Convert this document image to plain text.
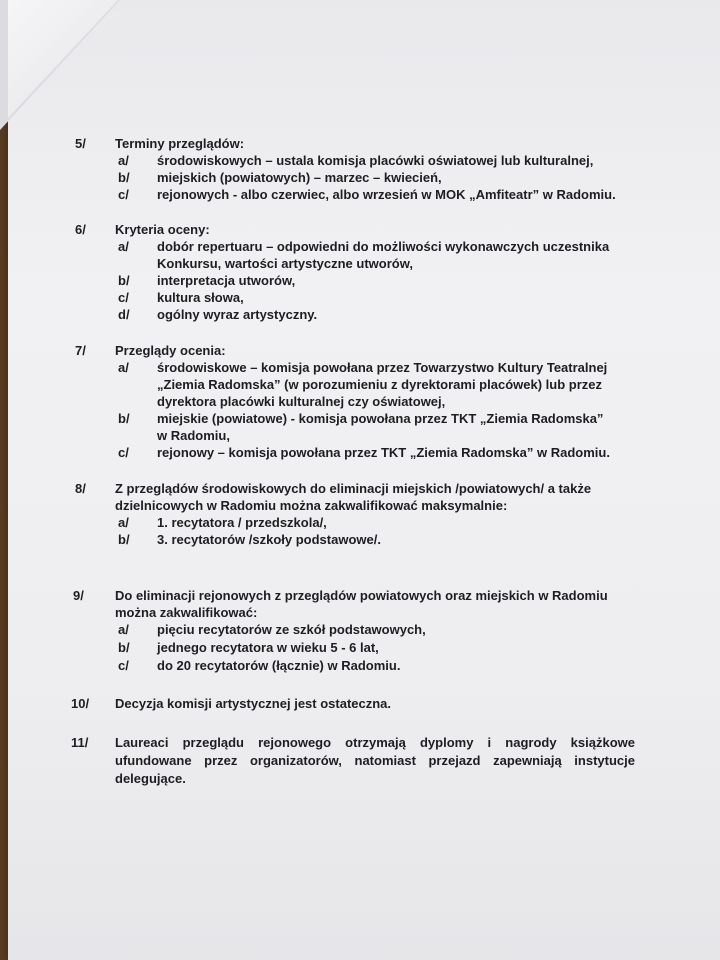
5/ Terminy przeglądów:
a/ środowiskowych – ustala komisja placówki oświatowej lub kulturalnej,
b/ miejskich (powiatowych) – marzec – kwiecień,
c/ rejonowych - albo czerwiec, albo wrzesień w MOK „Amfiteatr” w Radomiu.
6/ Kryteria oceny:
a/ dobór repertuaru – odpowiedni do możliwości wykonawczych uczestnika
Konkursu, wartości artystyczne utworów,
b/ interpretacja utworów,
c/ kultura słowa,
d/ ogólny wyraz artystyczny.
7/ Przeglądy ocenia:
a/ środowiskowe – komisja powołana przez Towarzystwo Kultury Teatralnej
„Ziemia Radomska” (w porozumieniu z dyrektorami placówek) lub przez
dyrektora placówki kulturalnej czy oświatowej,
b/ miejskie (powiatowe) - komisja powołana przez TKT „Ziemia Radomska”
w Radomiu,
c/ rejonowy – komisja powołana przez TKT „Ziemia Radomska” w Radomiu.
8/ Z przeglądów środowiskowych do eliminacji miejskich /powiatowych/ a także
dzielnicowych w Radomiu można zakwalifikować maksymalnie:
a/ 1. recytatora / przedszkola/,
b/ 3. recytatorów /szkoły podstawowe/.
9/ Do eliminacji rejonowych z przeglądów powiatowych oraz miejskich w Radomiu
można zakwalifikować:
a/ pięciu recytatorów ze szkół podstawowych,
b/ jednego recytatora w wieku 5 - 6 lat,
c/ do 20 recytatorów (łącznie) w Radomiu.
10/ Decyzja komisji artystycznej jest ostateczna.
11/ Laureaci przeglądu rejonowego otrzymają dyplomy i nagrody książkowe
ufundowane przez organizatorów, natomiast przejazd zapewniają instytucje
delegujące.
